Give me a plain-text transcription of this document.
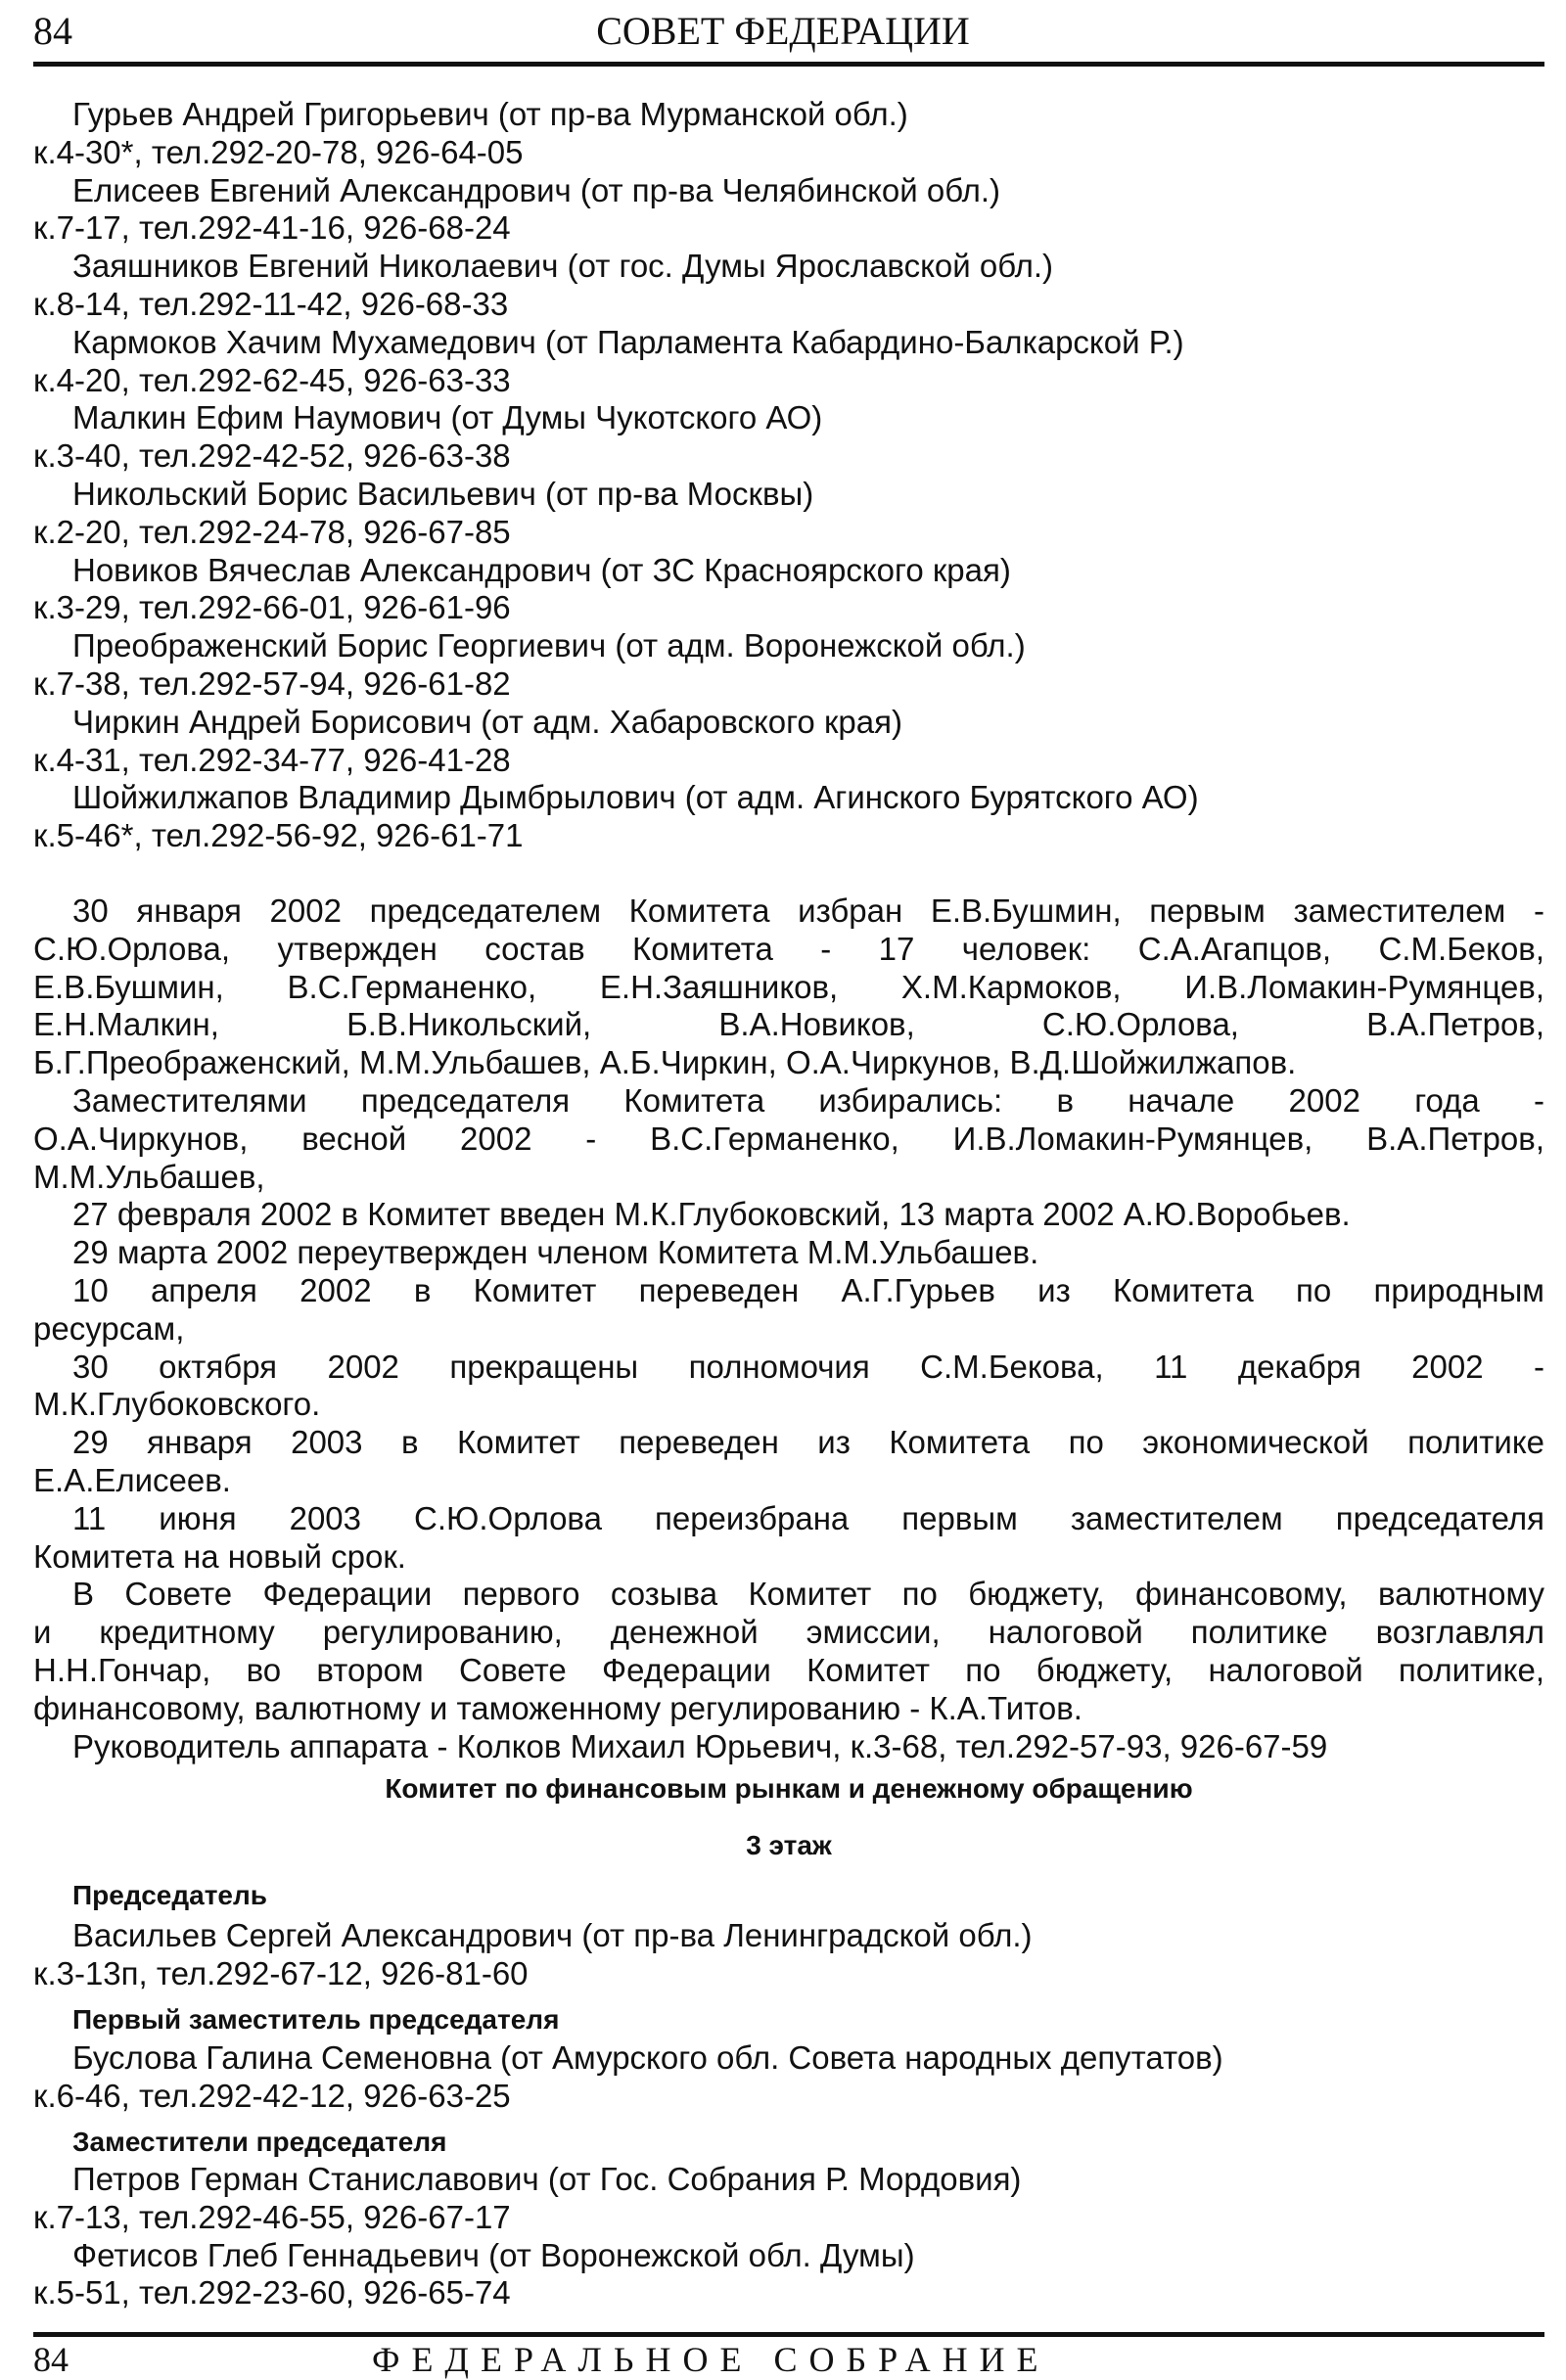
84	СОВЕТ ФЕДЕРАЦИИ
Гурьев Андрей Григорьевич (от пр-ва Мурманской обл.)
к.4-30*, тел.292-20-78, 926-64-05
Елисеев Евгений Александрович (от пр-ва Челябинской обл.)
к.7-17, тел.292-41-16, 926-68-24
Заяшников Евгений Николаевич (от гос. Думы Ярославской обл.)
к.8-14, тел.292-11-42, 926-68-33
Кармоков Хачим Мухамедович (от Парламента Кабардино-Балкарской Р.)
к.4-20, тел.292-62-45, 926-63-33
Малкин Ефим Наумович (от Думы Чукотского АО)
к.3-40, тел.292-42-52, 926-63-38
Никольский Борис Васильевич (от пр-ва Москвы)
к.2-20, тел.292-24-78, 926-67-85
Новиков Вячеслав Александрович (от ЗС Красноярского края)
к.3-29, тел.292-66-01, 926-61-96
Преображенский Борис Георгиевич (от адм. Воронежской обл.)
к.7-38, тел.292-57-94, 926-61-82
Чиркин Андрей Борисович (от адм. Хабаровского края)
к.4-31, тел.292-34-77, 926-41-28
Шойжилжапов Владимир Дымбрылович (от адм. Агинского Бурятского АО)
к.5-46*, тел.292-56-92, 926-61-71
30 января 2002 председателем Комитета избран Е.В.Бушмин, первым заместителем -
С.Ю.Орлова, утвержден состав Комитета - 17 человек: С.А.Агапцов, С.М.Беков,
Е.В.Бушмин, В.С.Германенко, Е.Н.Заяшников, Х.М.Кармоков, И.В.Ломакин-Румянцев,
Е.Н.Малкин, Б.В.Никольский, В.А.Новиков, С.Ю.Орлова, В.А.Петров,
Б.Г.Преображенский, М.М.Ульбашев, А.Б.Чиркин, О.А.Чиркунов, В.Д.Шойжилжапов.
Заместителями председателя Комитета избирались: в начале 2002 года -
О.А.Чиркунов, весной 2002 - В.С.Германенко, И.В.Ломакин-Румянцев, В.А.Петров,
М.М.Ульбашев,
27 февраля 2002 в Комитет введен М.К.Глубоковский, 13 марта 2002 А.Ю.Воробьев.
29 марта 2002 переутвержден членом Комитета М.М.Ульбашев.
10 апреля 2002 в Комитет переведен А.Г.Гурьев из Комитета по природным
ресурсам,
30 октября 2002 прекращены полномочия С.М.Бекова, 11 декабря 2002 -
М.К.Глубоковского.
29 января 2003 в Комитет переведен из Комитета по экономической политике
Е.А.Елисеев.
11 июня 2003 С.Ю.Орлова переизбрана первым заместителем председателя
Комитета на новый срок.
В Совете Федерации первого созыва Комитет по бюджету, финансовому, валютному
и кредитному регулированию, денежной эмиссии, налоговой политике возглавлял
Н.Н.Гончар, во втором Совете Федерации Комитет по бюджету, налоговой политике,
финансовому, валютному и таможенному регулированию - К.А.Титов.
Руководитель аппарата - Колков Михаил Юрьевич, к.3-68, тел.292-57-93, 926-67-59
Комитет по финансовым рынкам и денежному обращению
3 этаж
Председатель
Васильев Сергей Александрович (от пр-ва Ленинградской обл.)
к.3-13п, тел.292-67-12, 926-81-60
Первый заместитель председателя
Буслова Галина Семеновна (от Амурского обл. Совета народных депутатов)
к.6-46, тел.292-42-12, 926-63-25
Заместители председателя
Петров Герман Станиславович (от Гос. Собрания Р. Мордовия)
к.7-13, тел.292-46-55, 926-67-17
Фетисов Глеб Геннадьевич (от Воронежской обл. Думы)
к.5-51, тел.292-23-60, 926-65-74
84	ФЕДЕРАЛЬНОЕ СОБРАНИЕ
